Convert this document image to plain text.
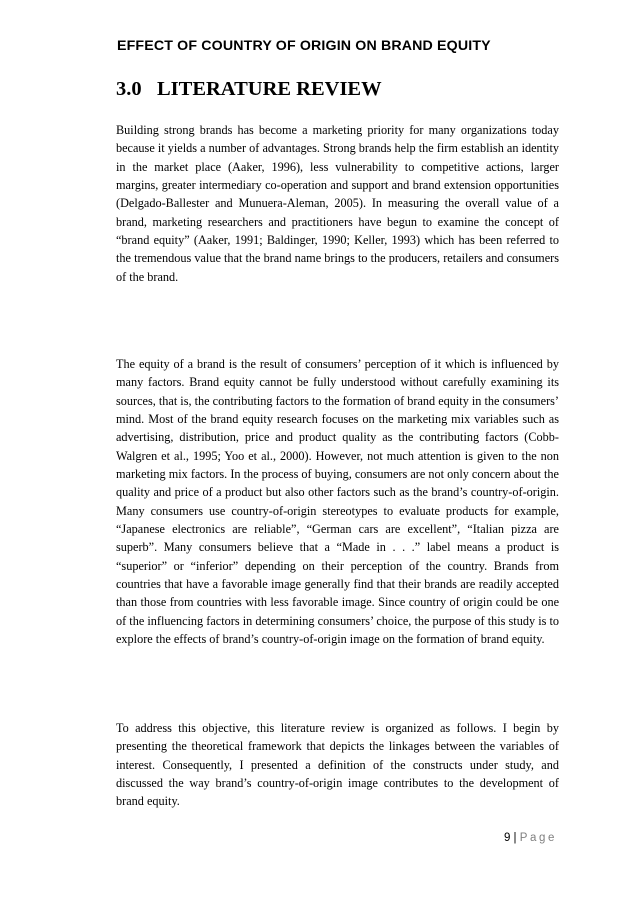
EFFECT OF COUNTRY OF ORIGIN ON BRAND EQUITY
3.0   LITERATURE REVIEW

Building strong brands has become a marketing priority for many organizations today because it yields a number of advantages. Strong brands help the firm establish an identity in the market place (Aaker, 1996), less vulnerability to competitive actions, larger margins, greater intermediary co-operation and support and brand extension opportunities (Delgado-Ballester and Munuera-Aleman, 2005). In measuring the overall value of a brand, marketing researchers and practitioners have begun to examine the concept of “brand equity” (Aaker, 1991; Baldinger, 1990; Keller, 1993) which has been referred to the tremendous value that the brand name brings to the producers, retailers and consumers of the brand.

The equity of a brand is the result of consumers’ perception of it which is influenced by many factors. Brand equity cannot be fully understood without carefully examining its sources, that is, the contributing factors to the formation of brand equity in the consumers’ mind. Most of the brand equity research focuses on the marketing mix variables such as advertising, distribution, price and product quality as the contributing factors (Cobb-Walgren et al., 1995; Yoo et al., 2000). However, not much attention is given to the non marketing mix factors. In the process of buying, consumers are not only concern about the quality and price of a product but also other factors such as the brand’s country-of-origin. Many consumers use country-of-origin stereotypes to evaluate products for example, “Japanese electronics are reliable”, “German cars are excellent”, “Italian pizza are superb”. Many consumers believe that a “Made in . . .” label means a product is “superior” or “inferior” depending on their perception of the country. Brands from countries that have a favorable image generally find that their brands are readily accepted than those from countries with less favorable image. Since country of origin could be one of the influencing factors in determining consumers’ choice, the purpose of this study is to explore the effects of brand’s country-of-origin image on the formation of brand equity.

To address this objective, this literature review is organized as follows. I begin by presenting the theoretical framework that depicts the linkages between the variables of interest. Consequently, I presented a definition of the constructs under study, and discussed the way brand’s country-of-origin image contributes to the development of brand equity.

9 | Page
